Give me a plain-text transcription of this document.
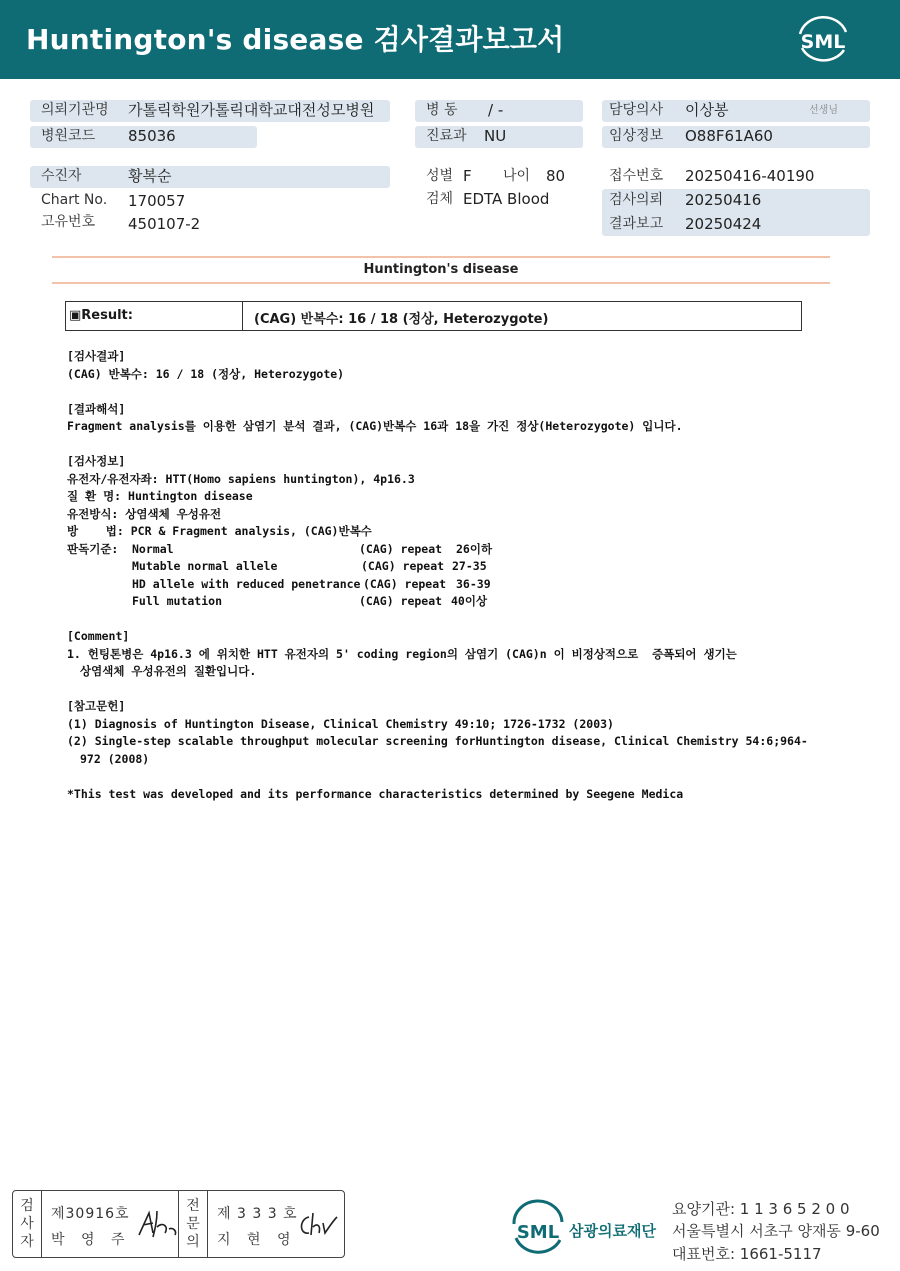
Huntington's disease 검사결과보고서	SML
의뢰기관명 가톨릭학원가톨릭대학교대전성모병원	병 동 / -	담당의사 이상봉	선생님
병원코드 85036	진료과 NU	임상정보 O88F61A60
수진자	황복순	성별 F 나이 80	접수번호 20250416-40190
Chart No. 170057	검체 EDTA Blood	검사의뢰 20250416
고유번호 450107-2	결과보고 20250424
Huntington's disease
▣Result:	(CAG) 반복수: 16 / 18 (정상, Heterozygote)
[검사결과]
(CAG) 반복수: 16 / 18 (정상, Heterozygote)
[결과해석]
Fragment analysis를 이용한 삼염기 분석 결과, (CAG)반복수 16과 18을 가진 정상(Heterozygote) 입니다.
[검사정보]
유전자/유전자좌: HTT(Homo sapiens huntington), 4p16.3
질 환 명: Huntington disease
유전방식: 상염색체 우성유전
방    법: PCR & Fragment analysis, (CAG)반복수
판독기준: Normal	(CAG) repeat 26이하
Mutable normal allele	(CAG) repeat 27-35
HD allele with reduced penetrance (CAG) repeat 36-39
Full mutation	(CAG) repeat 40이상
[Comment]
1. 헌팅톤병은 4p16.3 에 위치한 HTT 유전자의 5' coding region의 삼염기 (CAG)n 이 비정상적으로  증폭되어 생기는
상염색체 우성유전의 질환입니다.
[참고문헌]
(1) Diagnosis of Huntington Disease, Clinical Chemistry 49:10; 1726-1732 (2003)
(2) Single-step scalable throughput molecular screening forHuntington disease, Clinical Chemistry 54:6;964-
972 (2008)
*This test was developed and its performance characteristics determined by Seegene Medica
검
사
자
제30916호
박 영 주
전
문
의
제 3 3 3 호
지 현 영	SML 삼광의료재단
요양기관: 1 1 3 6 5 2 0 0
서울특별시 서초구 양재동 9-60
대표번호: 1661-5117
